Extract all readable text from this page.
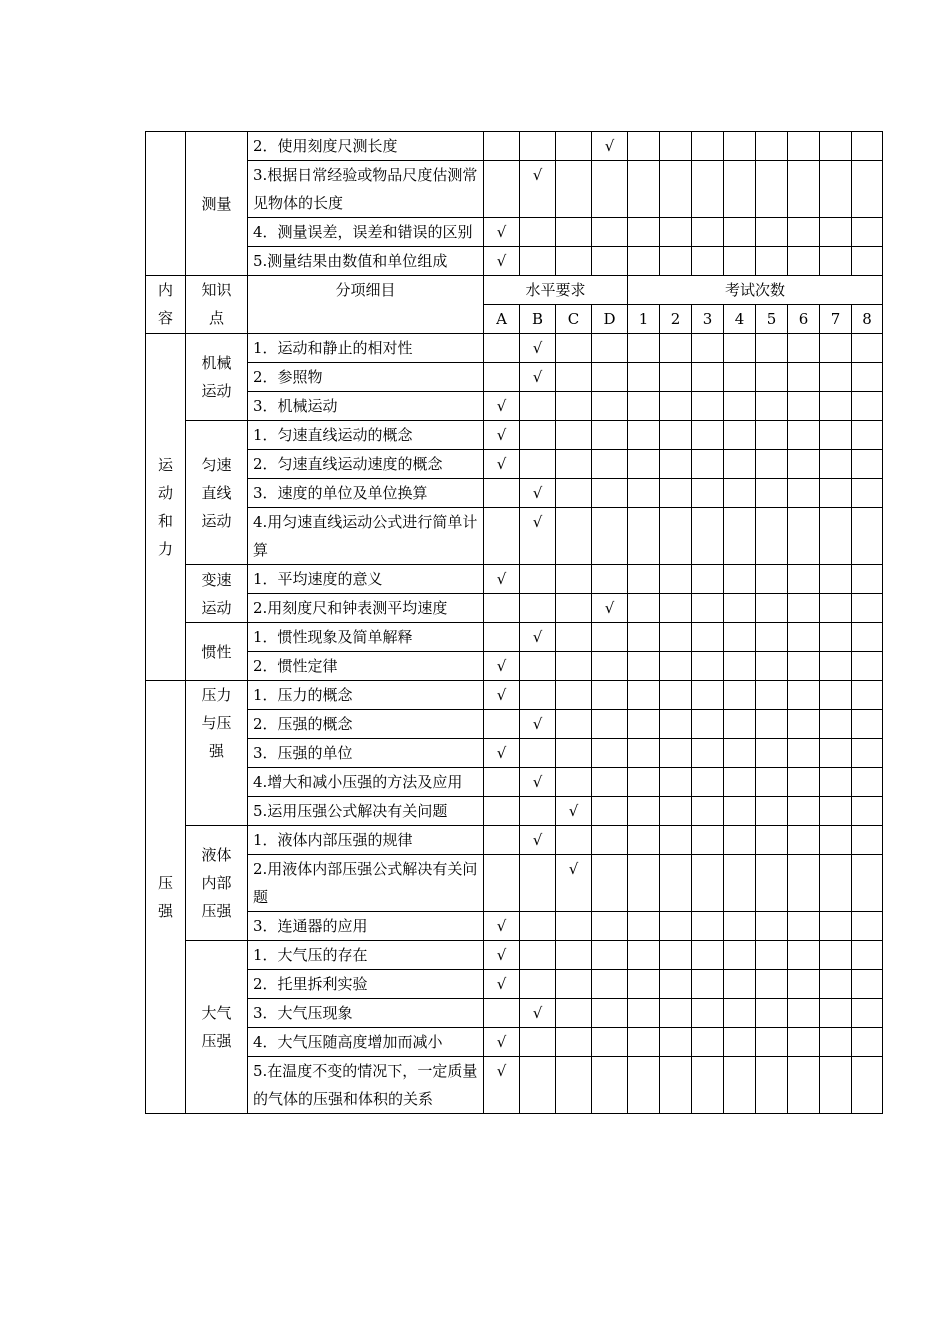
	测量	2．使用刻度尺测长度				√								
		3.根据日常经验或物品尺度估测常见物体的长度		√										
		4．测量误差，误差和错误的区别	√											
		5.测量结果由数值和单位组成	√											
内容	知识点	分项细目	水平要求				考试次数							
			A	B	C	D	1	2	3	4	5	6	7	8
运动和力	机械运动	1．运动和静止的相对性		√										
		2．参照物		√										
		3．机械运动	√											
	匀速直线运动	1．匀速直线运动的概念	√											
		2．匀速直线运动速度的概念	√											
		3．速度的单位及单位换算		√										
		4.用匀速直线运动公式进行简单计算		√										
	变速运动	1．平均速度的意义	√											
		2.用刻度尺和钟表测平均速度				√								
	惯性	1．惯性现象及简单解释		√										
		2．惯性定律	√											
压强	压力与压强	1．压力的概念	√											
		2．压强的概念		√										
		3．压强的单位	√											
		4.增大和减小压强的方法及应用		√										
		5.运用压强公式解决有关问题			√									
	液体内部压强	1．液体内部压强的规律		√										
		2.用液体内部压强公式解决有关问题			√									
		3．连通器的应用	√											
	大气压强	1．大气压的存在	√											
		2．托里拆利实验	√											
		3．大气压现象		√										
		4．大气压随高度增加而减小	√											
		5.在温度不变的情况下，一定质量的气体的压强和体积的关系	√											
